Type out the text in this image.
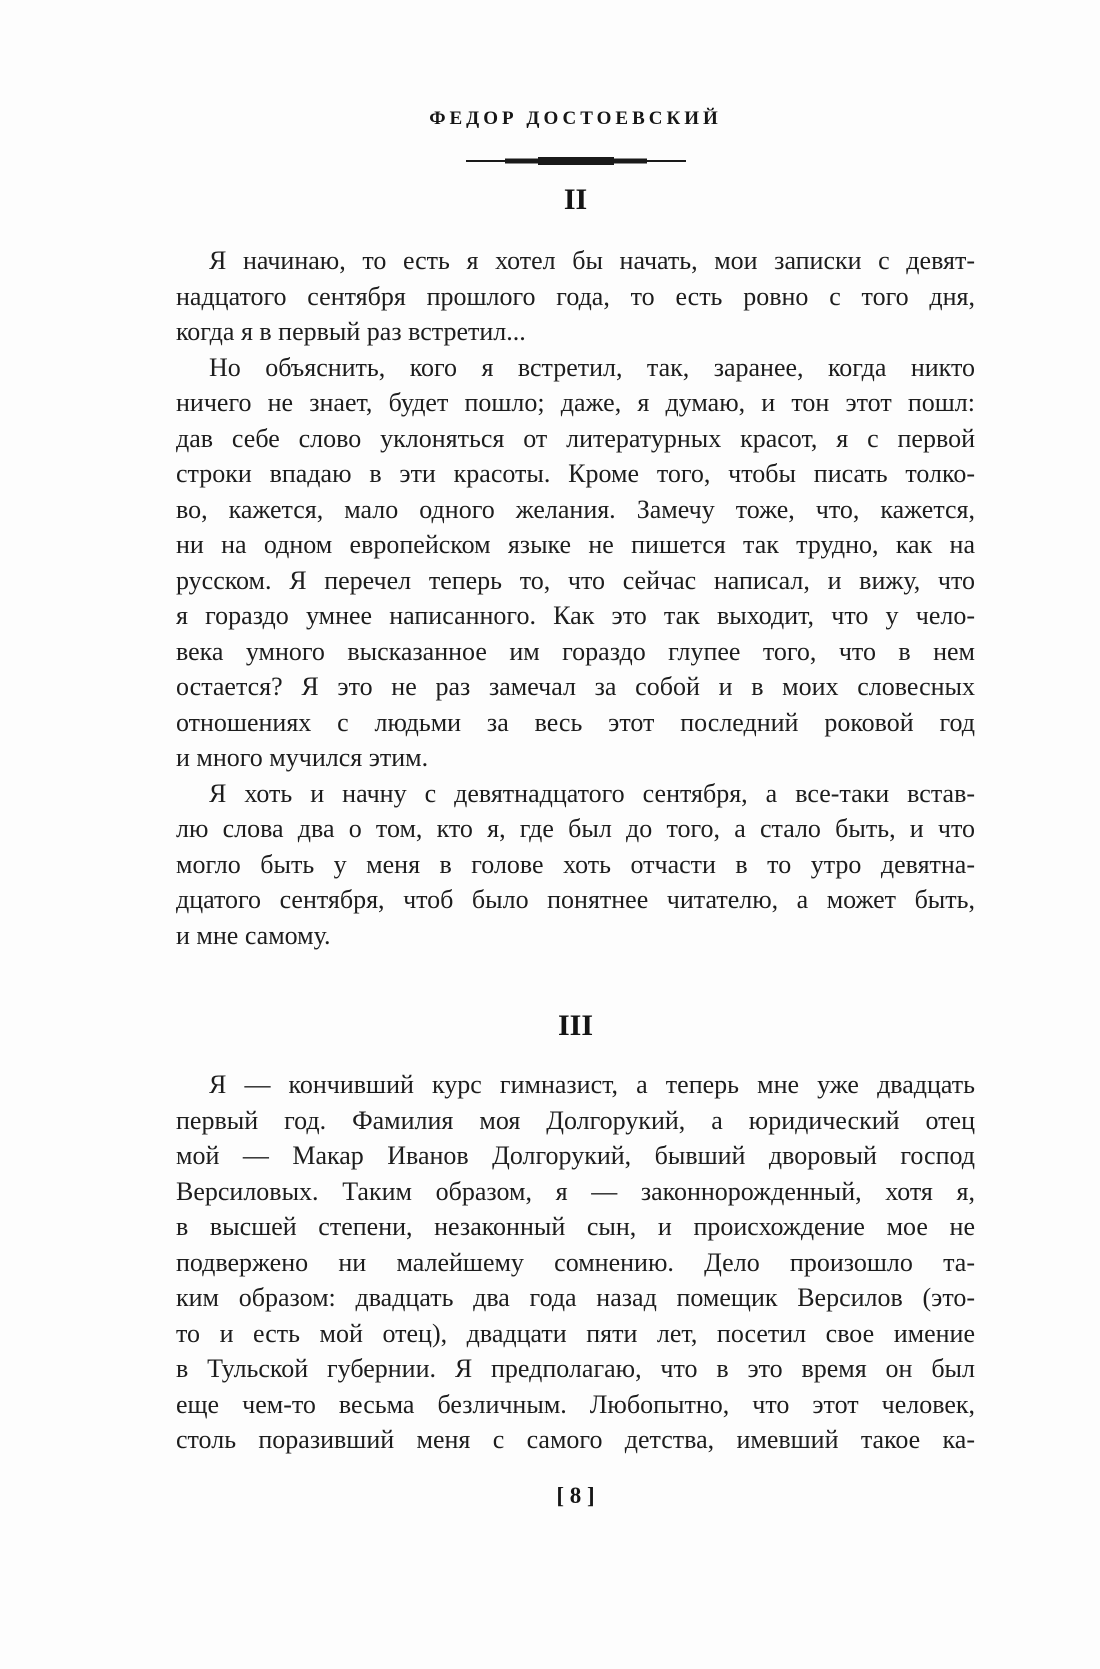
ФЕДОР ДОСТОЕВСКИЙ
II
Я начинаю, то есть я хотел бы начать, мои записки с девят-
надцатого сентября прошлого года, то есть ровно с того дня,
когда я в первый раз встретил...
Но объяснить, кого я встретил, так, заранее, когда никто
ничего не знает, будет пошло; даже, я думаю, и тон этот пошл:
дав себе слово уклоняться от литературных красот, я с первой
строки впадаю в эти красоты. Кроме того, чтобы писать толко-
во, кажется, мало одного желания. Замечу тоже, что, кажется,
ни на одном европейском языке не пишется так трудно, как на
русском. Я перечел теперь то, что сейчас написал, и вижу, что
я гораздо умнее написанного. Как это так выходит, что у чело-
века умного высказанное им гораздо глупее того, что в нем
остается? Я это не раз замечал за собой и в моих словесных
отношениях с людьми за весь этот последний роковой год
и много мучился этим.
Я хоть и начну с девятнадцатого сентября, а все-таки встав-
лю слова два о том, кто я, где был до того, а стало быть, и что
могло быть у меня в голове хоть отчасти в то утро девятна-
дцатого сентября, чтоб было понятнее читателю, а может быть,
и мне самому.
III
Я — кончивший курс гимназист, а теперь мне уже двадцать
первый год. Фамилия моя Долгорукий, а юридический отец
мой — Макар Иванов Долгорукий, бывший дворовый господ
Версиловых. Таким образом, я — законнорожденный, хотя я,
в высшей степени, незаконный сын, и происхождение мое не
подвержено ни малейшему сомнению. Дело произошло та-
ким образом: двадцать два года назад помещик Версилов (это-
то и есть мой отец), двадцати пяти лет, посетил свое имение
в Тульской губернии. Я предполагаю, что в это время он был
еще чем-то весьма безличным. Любопытно, что этот человек,
столь поразивший меня с самого детства, имевший такое ка-
[ 8 ]
